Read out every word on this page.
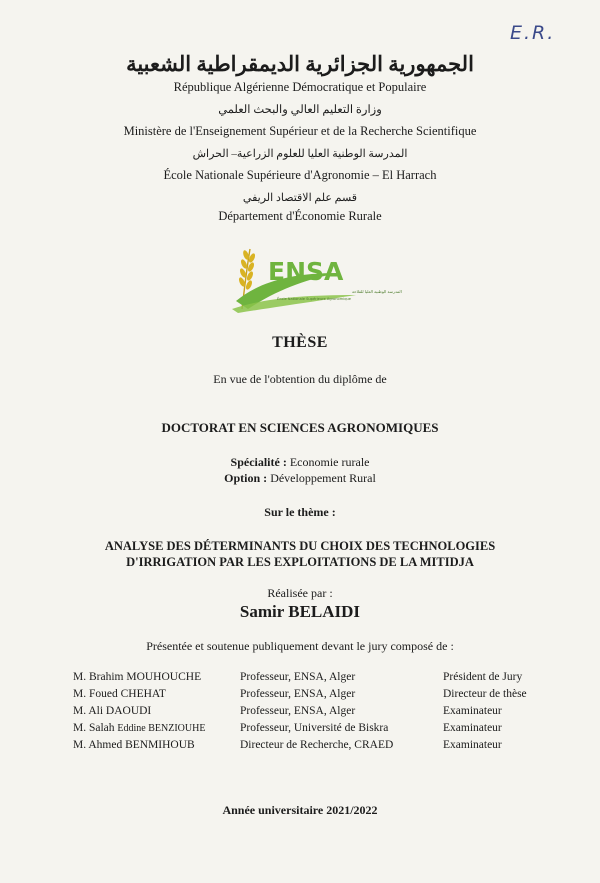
E.R.
الجمهورية الجزائرية الديمقراطية الشعبية
République Algérienne Démocratique et Populaire
وزارة التعليم العالي والبحث العلمي
Ministère de l'Enseignement Supérieur et de la Recherche Scientifique
المدرسة الوطنية العليا للعلوم الزراعية– الحراش
École Nationale Supérieure d'Agronomie – El Harrach
قسم علم الاقتصاد الريفي
Département d'Économie Rurale
ENSA
المدرسة الوطنية العليا للفلاحة
École Nationale Supérieure Agronomique
THÈSE
En vue de l'obtention du diplôme de
DOCTORAT EN SCIENCES AGRONOMIQUES
Spécialité : Economie rurale
Option : Développement Rural
Sur le thème :
ANALYSE DES DÉTERMINANTS DU CHOIX DES TECHNOLOGIES
D'IRRIGATION PAR LES EXPLOITATIONS DE LA MITIDJA
Réalisée par :
Samir BELAIDI
Présentée et soutenue publiquement devant le jury composé de :
M. Brahim MOUHOUCHE	Professeur, ENSA, Alger	Président de Jury
M. Foued CHEHAT	Professeur, ENSA, Alger	Directeur de thèse
M. Ali DAOUDI	Professeur, ENSA, Alger	Examinateur
M. Salah Eddine BENZIOUHE	Professeur, Université de Biskra	Examinateur
M. Ahmed BENMIHOUB	Directeur de Recherche, CRAED	Examinateur
Année universitaire 2021/2022
